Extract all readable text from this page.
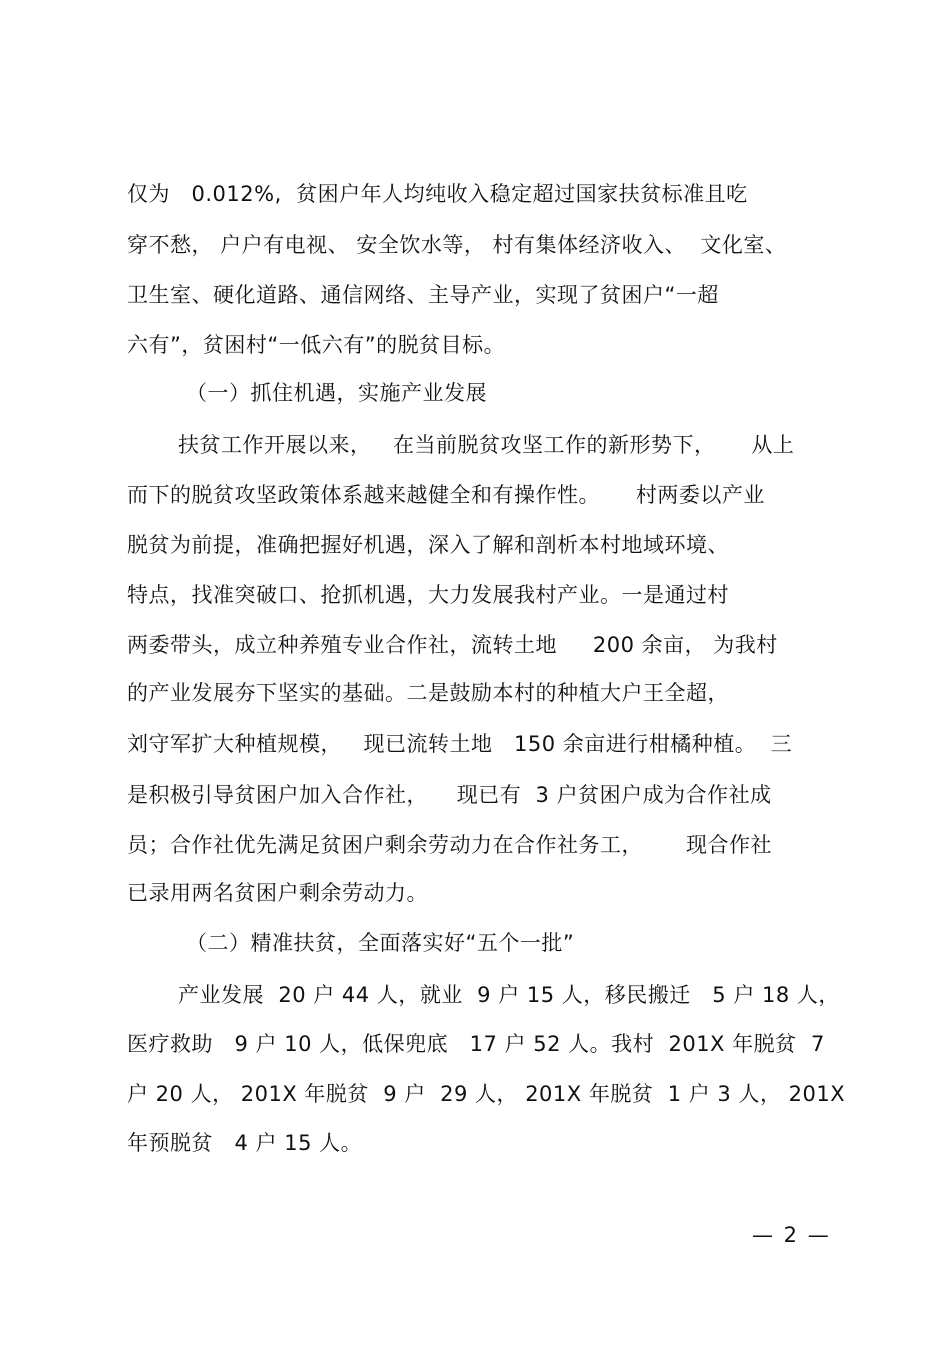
仅为   0.012%,  贫困户年人均纯收入稳定超过国家扶贫标准且吃
穿不愁， 户户有电视、 安全饮水等， 村有集体经济收入、  文化室、
卫生室、硬化道路、通信网络、主导产业，实现了贫困户“一超
六有”，贫困村“一低六有”的脱贫目标。
（一）抓住机遇，实施产业发展
扶贫工作开展以来，   在当前脱贫攻坚工作的新形势下，     从上
而下的脱贫攻坚政策体系越来越健全和有操作性。     村两委以产业
脱贫为前提，准确把握好机遇，深入了解和剖析本村地域环境、
特点，找准突破口、抢抓机遇，大力发展我村产业。一是通过村
两委带头，成立种养殖专业合作社，流转土地     200 余亩， 为我村
的产业发展夯下坚实的基础。二是鼓励本村的种植大户王全超，
刘守军扩大种植规模，   现已流转土地   150 余亩进行柑橘种植。  三
是积极引导贫困户加入合作社，    现已有  3 户贫困户成为合作社成
员；合作社优先满足贫困户剩余劳动力在合作社务工，      现合作社
已录用两名贫困户剩余劳动力。
（二）精准扶贫，全面落实好“五个一批”
产业发展  20 户 44 人，就业  9 户 15 人，移民搬迁   5 户 18 人，
医疗救助   9 户 10 人，低保兜底   17 户 52 人。我村  201X 年脱贫  7
户 20 人， 201X 年脱贫  9 户  29 人， 201X 年脱贫  1 户 3 人， 201X
年预脱贫   4 户 15 人。
— 2 —
